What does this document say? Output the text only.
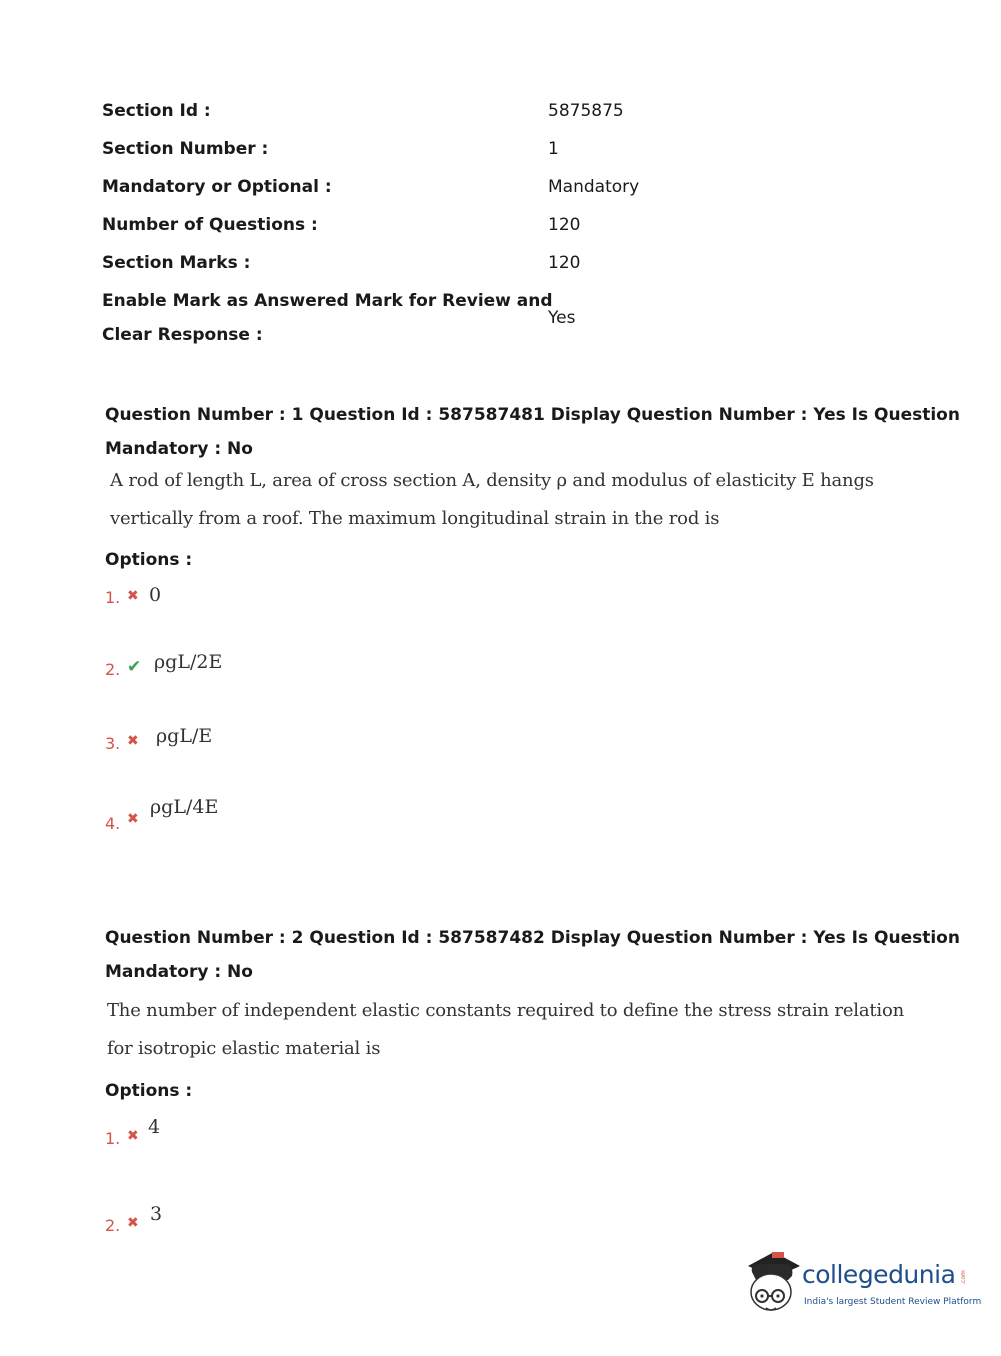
Section Id :	5875875
Section Number :	1
Mandatory or Optional :	Mandatory
Number of Questions :	120
Section Marks :	120
Enable Mark as Answered Mark for Review and
Clear Response :
Yes
Question Number : 1 Question Id : 587587481 Display Question Number : Yes Is Question
Mandatory : No
A rod of length L, area of cross section A, density ρ and modulus of elasticity E hangs
vertically from a roof. The maximum longitudinal strain in the rod is
Options :
1. ✖ 0
2. ✔ ρgL/2E
3. ✖ ρgL/E
4. ✖
ρgL/4E
Question Number : 2 Question Id : 587587482 Display Question Number : Yes Is Question
Mandatory : No
The number of independent elastic constants required to define the stress strain relation
for isotropic elastic material is
Options :
1. ✖ 4
2. ✖ 3
collegedunia .com
India's largest Student Review Platform
